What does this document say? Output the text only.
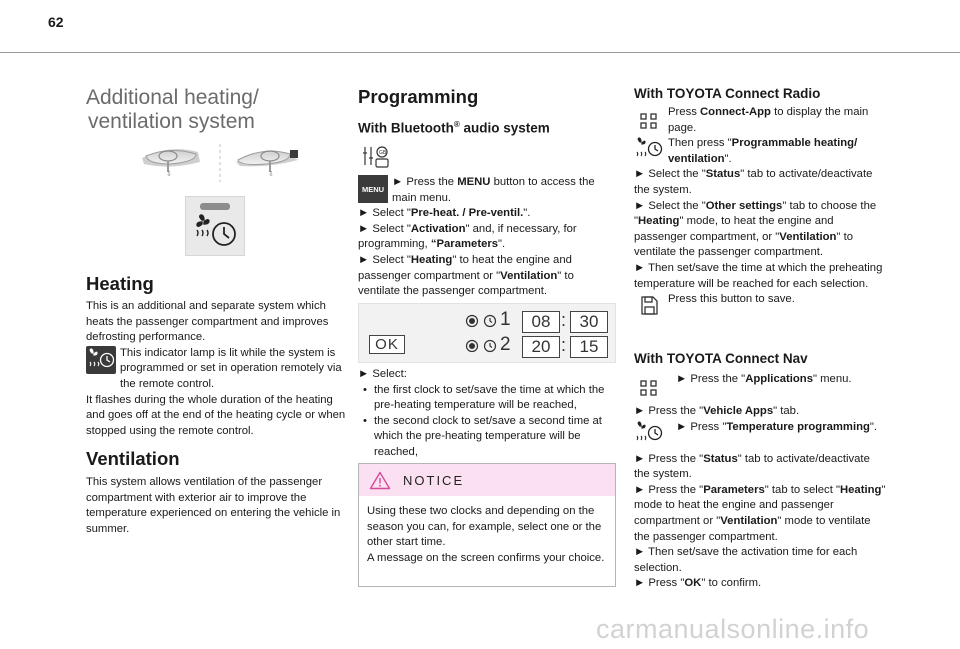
62
Additional heating/
ventilation system
⇩	⇩
Heating

This is an additional and separate system which heats the passenger compartment and improves defrosting performance.

This indicator lamp is lit while the system is programmed or set in operation remotely via the remote control.

It flashes during the whole duration of the heating and goes off at the end of the heating cycle or when stopped using the remote control.

Ventilation

This system allows ventilation of the passenger compartment with exterior air to improve the temperature experienced on entering the vehicle in summer.

Programming
With Bluetooth® audio system
GB
MENU

► Press the MENU button to access the main menu.

► Select "Pre-heat. / Pre-ventil.".

► Select "Activation" and, if necessary, for programming, “Parameters".

► Select "Heating" to heat the engine and passenger compartment or "Ventilation" to ventilate the passenger compartment.

OK
1	08 : 30
2	20 : 15

► Select:

• the first clock to set/save the time at which the pre-heating temperature will be reached,

• the second clock to set/save a second time at which the pre-heating temperature will be reached,

NOTICE
Using these two clocks and depending on the season you can, for example, select one or the other start time.
A message on the screen confirms your choice.
With TOYOTA Connect Radio

Press Connect-App to display the main page.

Then press "Programmable heating/ ventilation".

► Select the "Status" tab to activate/deactivate the system.

► Select the "Other settings" tab to choose the "Heating" mode, to heat the engine and passenger compartment, or "Ventilation" to ventilate the passenger compartment.

► Then set/save the time at which the preheating temperature will be reached for each selection.

Press this button to save.

With TOYOTA Connect Nav

► Press the "Applications" menu.

► Press the "Vehicle Apps" tab.

► Press "Temperature programming".

► Press the "Status" tab to activate/deactivate the system.

► Press the "Parameters" tab to select "Heating" mode to heat the engine and passenger compartment or "Ventilation" mode to ventilate the passenger compartment.

► Then set/save the activation time for each selection.

► Press "OK" to confirm.

carmanualsonline.info
